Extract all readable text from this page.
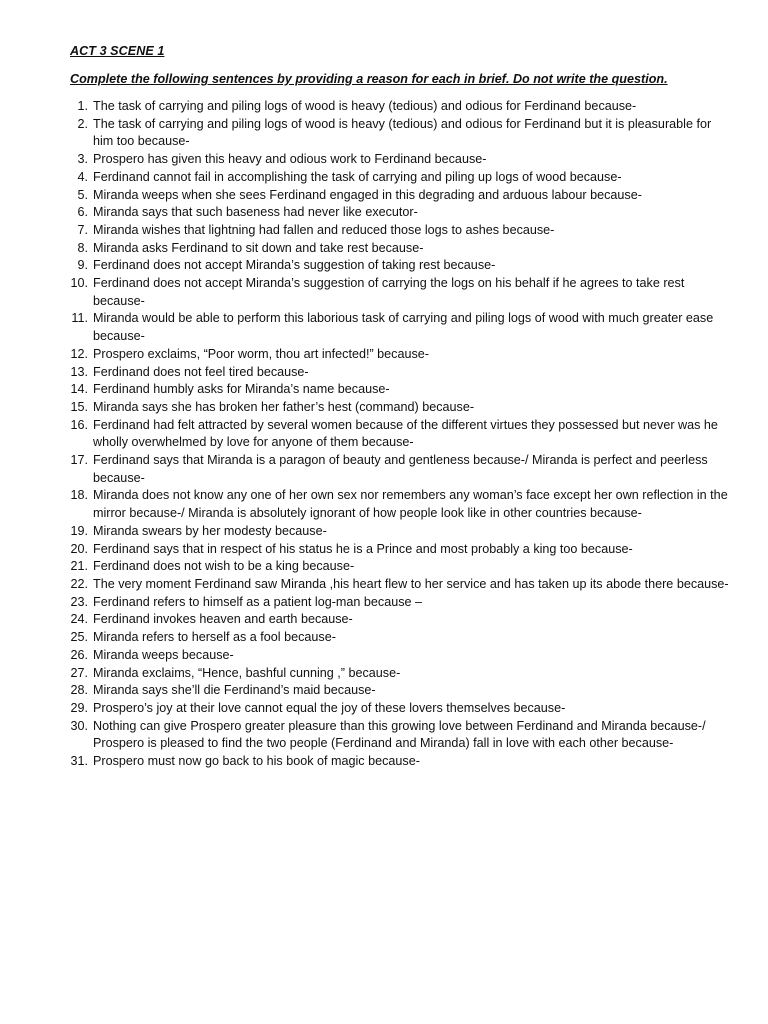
ACT 3 SCENE 1
Complete the following sentences by providing a reason for each in brief. Do not write the question.
1. The task of carrying and piling logs of wood is heavy (tedious) and odious for Ferdinand because-
2. The task of carrying and piling logs of wood is heavy (tedious) and odious for Ferdinand but it is pleasurable for him too because-
3. Prospero has given this heavy and odious work to Ferdinand because-
4. Ferdinand cannot fail in accomplishing the task of carrying and piling up logs of wood because-
5. Miranda weeps when she sees Ferdinand engaged in this degrading and arduous labour because-
6. Miranda says that such baseness had never like executor-
7. Miranda wishes that lightning had fallen and reduced those logs to ashes because-
8. Miranda asks Ferdinand to sit down and take rest because-
9. Ferdinand does not accept Miranda’s suggestion of taking rest because-
10. Ferdinand does not accept Miranda’s suggestion of carrying the logs on his behalf if he agrees to take rest because-
11. Miranda would be able to perform this laborious task of carrying and piling logs of wood with much greater ease because-
12. Prospero exclaims, “Poor worm, thou art infected!” because-
13. Ferdinand does not feel tired because-
14. Ferdinand humbly asks for Miranda’s name because-
15. Miranda says she has broken her father’s hest (command) because-
16. Ferdinand had felt attracted by several women because of the different virtues they possessed but never was he wholly overwhelmed by love for anyone of them because-
17. Ferdinand says that Miranda is a paragon of beauty and gentleness because-/ Miranda is perfect and peerless because-
18. Miranda does not know any one of her own sex nor remembers any woman’s face except her own reflection in the mirror because-/ Miranda is absolutely ignorant of how people look like in other countries because-
19. Miranda swears by her modesty because-
20. Ferdinand says that in respect of his status he is a Prince and most probably a king too because-
21. Ferdinand does not wish to be a king because-
22. The very moment Ferdinand saw Miranda ,his heart flew to her service and has taken up its abode there because-
23. Ferdinand refers to himself as a patient log-man because –
24. Ferdinand invokes heaven and earth because-
25. Miranda refers to herself as a fool because-
26. Miranda weeps because-
27. Miranda exclaims, “Hence, bashful cunning ,” because-
28. Miranda says she’ll die Ferdinand’s maid because-
29. Prospero’s joy at their love cannot equal the joy of these lovers themselves because-
30. Nothing can give Prospero greater pleasure than this growing love between Ferdinand and Miranda because-/ Prospero is pleased to find the two people (Ferdinand and Miranda) fall in love with each other because-
31. Prospero must now go back to his book of magic because-
